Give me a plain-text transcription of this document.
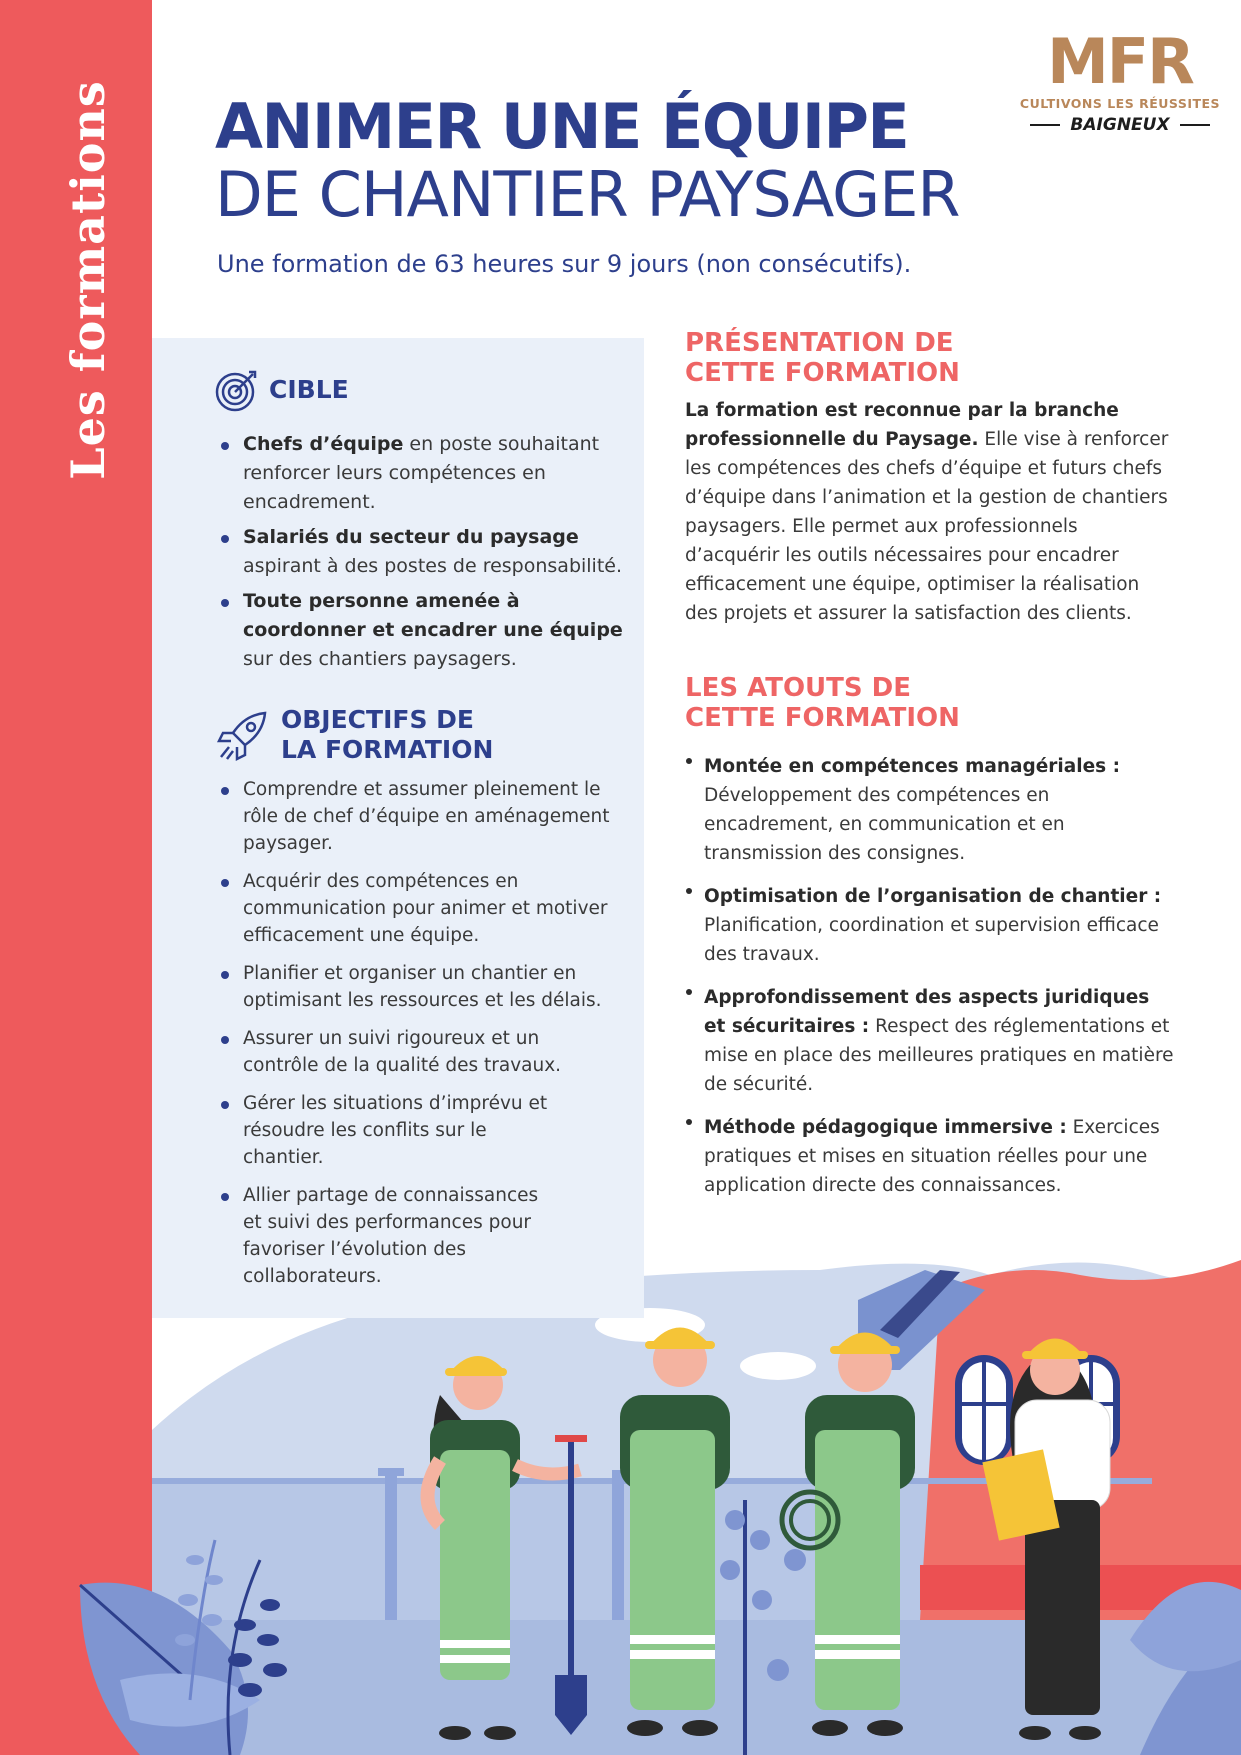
Les formations
MFR
CULTIVONS LES RÉUSSITES
BAIGNEUX
ANIMER UNE ÉQUIPE
DE CHANTIER PAYSAGER
Une formation de 63 heures sur 9 jours (non consécutifs).
CIBLE
Chefs d’équipe en poste souhaitant renforcer leurs compétences en encadrement.
Salariés du secteur du paysage aspirant à des postes de responsabilité.
Toute personne amenée à coordonner et encadrer une équipe sur des chantiers paysagers.
OBJECTIFS DE
LA FORMATION
Comprendre et assumer pleinement le rôle de chef d’équipe en aménagement paysager.
Acquérir des compétences en communication pour animer et motiver efficacement une équipe.
Planifier et organiser un chantier en optimisant les ressources et les délais.
Assurer un suivi rigoureux et un contrôle de la qualité des travaux.
Gérer les situations d’imprévu et résoudre les conflits sur le chantier.
Allier partage de connaissances et suivi des performances pour favoriser l’évolution des collaborateurs.
PRÉSENTATION DE
CETTE FORMATION

La formation est reconnue par la branche professionnelle du Paysage. Elle vise à renforcer les compétences des chefs d’équipe et futurs chefs d’équipe dans l’animation et la gestion de chantiers paysagers. Elle permet aux professionnels d’acquérir les outils nécessaires pour encadrer efficacement une équipe, optimiser la réalisation des projets et assurer la satisfaction des clients.

LES ATOUTS DE
CETTE FORMATION
Montée en compétences managériales : Développement des compétences en encadrement, en communication et en transmission des consignes.
Optimisation de l’organisation de chantier : Planification, coordination et supervision efficace des travaux.
Approfondissement des aspects juridiques et sécuritaires : Respect des réglementations et mise en place des meilleures pratiques en matière de sécurité.
Méthode pédagogique immersive : Exercices pratiques et mises en situation réelles pour une application directe des connaissances.
